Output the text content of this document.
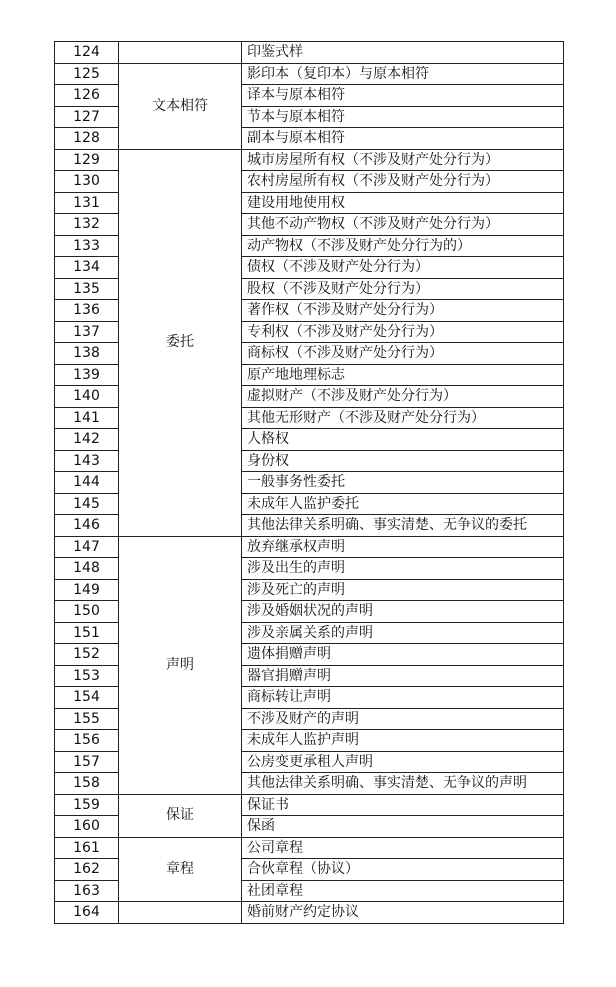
124		印鉴式样
125	文本相符	影印本（复印本）与原本相符
126		译本与原本相符
127		节本与原本相符
128		副本与原本相符
129	委托	城市房屋所有权（不涉及财产处分行为）
130		农村房屋所有权（不涉及财产处分行为）
131		建设用地使用权
132		其他不动产物权（不涉及财产处分行为）
133		动产物权（不涉及财产处分行为的）
134		债权（不涉及财产处分行为）
135		股权（不涉及财产处分行为）
136		著作权（不涉及财产处分行为）
137		专利权（不涉及财产处分行为）
138		商标权（不涉及财产处分行为）
139		原产地地理标志
140		虚拟财产（不涉及财产处分行为）
141		其他无形财产（不涉及财产处分行为）
142		人格权
143		身份权
144		一般事务性委托
145		未成年人监护委托
146		其他法律关系明确、事实清楚、无争议的委托
147	声明	放弃继承权声明
148		涉及出生的声明
149		涉及死亡的声明
150		涉及婚姻状况的声明
151		涉及亲属关系的声明
152		遗体捐赠声明
153		器官捐赠声明
154		商标转让声明
155		不涉及财产的声明
156		未成年人监护声明
157		公房变更承租人声明
158		其他法律关系明确、事实清楚、无争议的声明
159	保证	保证书
160		保函
161	章程	公司章程
162		合伙章程（协议）
163		社团章程
164		婚前财产约定协议
